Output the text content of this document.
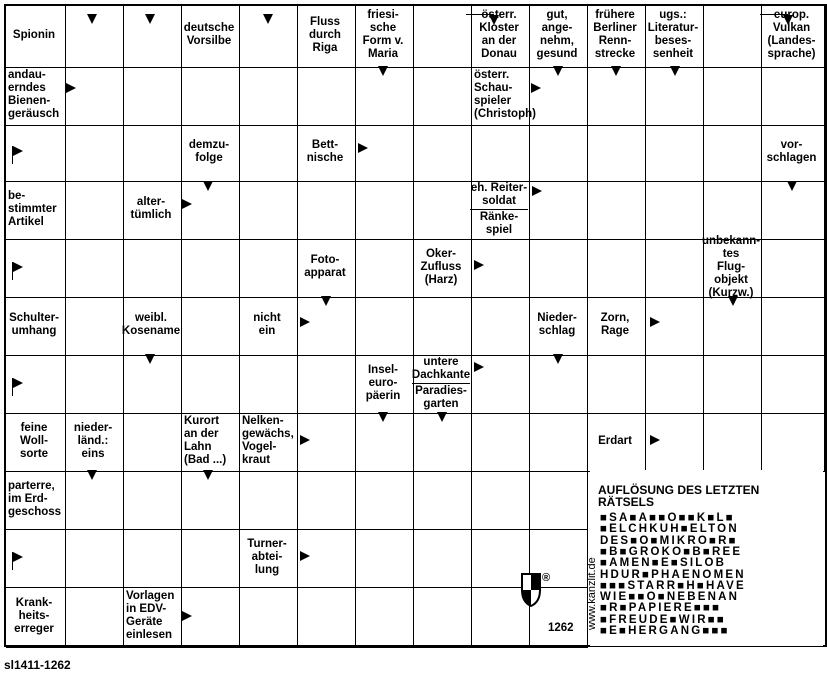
AUFLÖSUNG DES LETZTEN
RÄTSELS
■SA■A■■O■■K■L■
■ELCHKUH■ELTON
DES■O■MIKRO■R■
■B■GROKO■B■REE
■AMEN■E■SILOB
HDUR■PHAENOMEN
■■■STARR■H■HAVE
WIE■■O■NEBENAN
■R■PAPIERE■■■
■FREUDE■WIR■■
■E■HERGANG■■■
®
1262 www.kanzlit.de
sl1411-1262
Spionin
deutsche
Vorsilbe
Fluss
durch
Riga
friesi-
sche
Form v.
Maria
österr.
Kloster
an der
Donau
gut,
ange-
nehm,
gesund
frühere
Berliner
Renn-
strecke
ugs.:
Literatur-
beses-
senheit
europ.
Vulkan
(Landes-
sprache)
andau-
erndes
Bienen-
geräusch
österr.
Schau-
spieler
(Christoph)
demzu-
folge
Bett-
nische
vor-
schlagen
be-
stimmter
Artikel
alter-
tümlich
eh. Reiter-
soldat
Ränke-
spiel
Foto-
apparat
Oker-
Zufluss
(Harz)
unbekann-
tes
Flug-
objekt
(Kurzw.)
Schulter-
umhang
weibl.
Kosename
nicht
ein
Nieder-
schlag
Zorn,
Rage
Insel-
euro-
päerin
untere
Dachkante
Paradies-
garten
feine
Woll-
sorte
nieder-
länd.:
eins
Kurort
an der
Lahn
(Bad ...)
Nelken-
gewächs,
Vogel-
kraut
Erdart
parterre,
im Erd-
geschoss
Turner-
abtei-
lung
Krank-
heits-
erreger
Vorlagen
in EDV-
Geräte
einlesen
